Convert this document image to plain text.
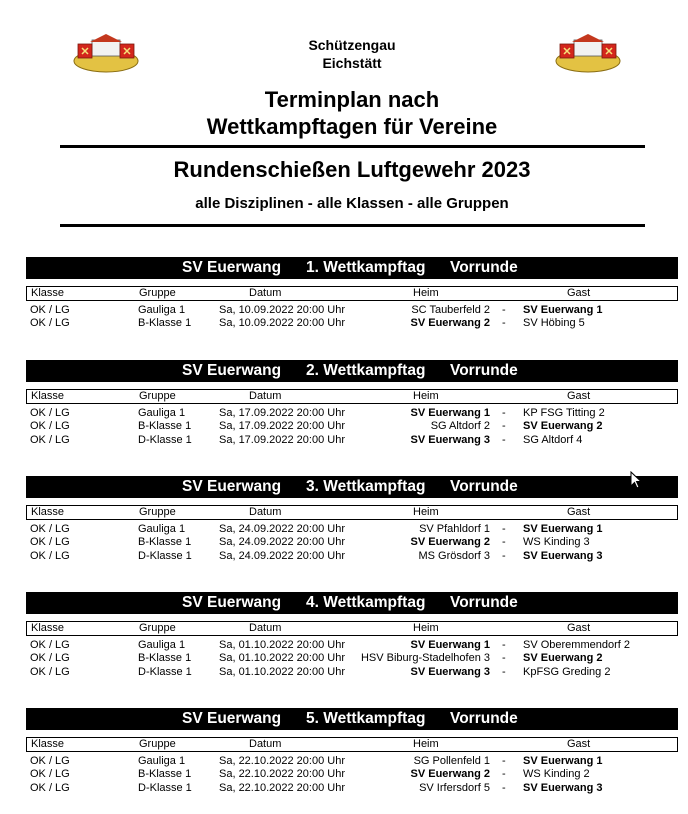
Schützengau
Eichstätt
Terminplan nach
Wettkampftagen für Vereine
Rundenschießen Luftgewehr 2023
alle Disziplinen - alle Klassen - alle Gruppen
SV Euerwang 1. Wettkampftag Vorrunde
Klasse	Gruppe	Datum	Heim	Gast
OK / LG	Gauliga 1	Sa, 10.09.2022 20:00 Uhr	SC Tauberfeld 2 - SV Euerwang 1
OK / LG	B-Klasse 1	Sa, 10.09.2022 20:00 Uhr	SV Euerwang 2 - SV Höbing 5
SV Euerwang 2. Wettkampftag Vorrunde
Klasse	Gruppe	Datum	Heim	Gast
OK / LG	Gauliga 1	Sa, 17.09.2022 20:00 Uhr	SV Euerwang 1 - KP FSG Titting 2
OK / LG	B-Klasse 1	Sa, 17.09.2022 20:00 Uhr	SG Altdorf 2 - SV Euerwang 2
OK / LG	D-Klasse 1 Sa, 17.09.2022 20:00 Uhr	SV Euerwang 3 - SG Altdorf 4
SV Euerwang 3. Wettkampftag Vorrunde
Klasse	Gruppe	Datum	Heim	Gast
OK / LG	Gauliga 1	Sa, 24.09.2022 20:00 Uhr	SV Pfahldorf 1 - SV Euerwang 1
OK / LG	B-Klasse 1	Sa, 24.09.2022 20:00 Uhr	SV Euerwang 2 - WS Kinding 3
OK / LG	D-Klasse 1 Sa, 24.09.2022 20:00 Uhr	MS Grösdorf 3 - SV Euerwang 3
SV Euerwang 4. Wettkampftag Vorrunde
Klasse	Gruppe	Datum	Heim	Gast
OK / LG	Gauliga 1	Sa, 01.10.2022 20:00 Uhr	SV Euerwang 1 - SV Oberemmendorf 2
OK / LG	B-Klasse 1	Sa, 01.10.2022 20:00 Uhr HSV Biburg-Stadelhofen 3 - SV Euerwang 2
OK / LG	D-Klasse 1 Sa, 01.10.2022 20:00 Uhr	SV Euerwang 3 - KpFSG Greding 2
SV Euerwang 5. Wettkampftag Vorrunde
Klasse	Gruppe	Datum	Heim	Gast
OK / LG	Gauliga 1	Sa, 22.10.2022 20:00 Uhr	SG Pollenfeld 1 - SV Euerwang 1
OK / LG	B-Klasse 1	Sa, 22.10.2022 20:00 Uhr	SV Euerwang 2 - WS Kinding 2
OK / LG	D-Klasse 1 Sa, 22.10.2022 20:00 Uhr	SV Irfersdorf 5 - SV Euerwang 3
